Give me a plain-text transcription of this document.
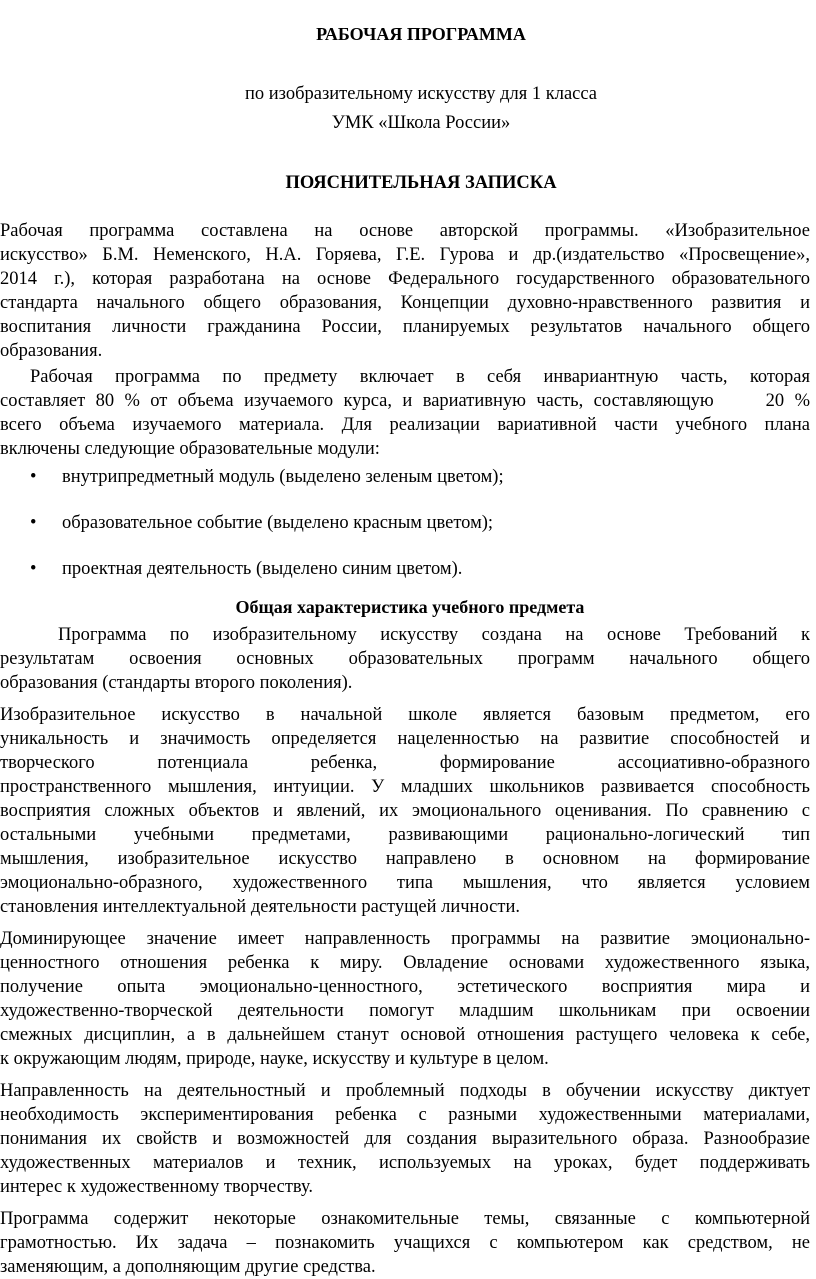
РАБОЧАЯ ПРОГРАММА

по изобразительному искусству для 1 класса

УМК «Школа России»

ПОЯСНИТЕЛЬНАЯ ЗАПИСКА

Рабочая программа составлена на основе авторской программы. «Изобразительное
искусство» Б.М. Неменского, Н.А. Горяева, Г.Е. Гурова и др.(издательство «Просвещение»,
2014 г.), которая разработана на основе Федерального государственного образовательного
стандарта начального общего образования, Концепции духовно-нравственного развития и
воспитания личности гражданина России, планируемых результатов начального общего
образования.
Рабочая программа по предмету включает в себя инвариантную часть, которая
составляет 80 % от объема изучаемого курса, и вариативную часть, составляющую     20 %
всего объема изучаемого материала. Для реализации вариативной части учебного плана
включены следующие образовательные модули:
• внутрипредметный модуль (выделено зеленым цветом);
• образовательное событие (выделено красным цветом);
• проектная деятельность (выделено синим цветом).

Общая характеристика учебного предмета

Программа по изобразительному искусству создана на основе Требований к
результатам освоения основных образовательных программ начального общего
образования (стандарты второго поколения).
Изобразительное искусство в начальной школе является базовым предметом, его
уникальность и значимость определяется нацеленностью на развитие способностей и
творческого потенциала ребенка, формирование ассоциативно-образного
пространственного мышления, интуиции. У младших школьников развивается способность
восприятия сложных объектов и явлений, их эмоционального оценивания. По сравнению с
остальными учебными предметами, развивающими рационально-логический тип
мышления, изобразительное искусство направлено в основном на формирование
эмоционально-образного, художественного типа мышления, что является условием
становления интеллектуальной деятельности растущей личности.
Доминирующее значение имеет направленность программы на развитие эмоционально-
ценностного отношения ребенка к миру. Овладение основами художественного языка,
получение опыта эмоционально-ценностного, эстетического восприятия мира и
художественно-творческой деятельности помогут младшим школьникам при освоении
смежных дисциплин, а в дальнейшем станут основой отношения растущего человека к себе,
к окружающим людям, природе, науке, искусству и культуре в целом.
Направленность на деятельностный и проблемный подходы в обучении искусству диктует
необходимость экспериментирования ребенка с разными художественными материалами,
понимания их свойств и возможностей для создания выразительного образа. Разнообразие
художественных материалов и техник, используемых на уроках, будет поддерживать
интерес к художественному творчеству.
Программа содержит некоторые ознакомительные темы, связанные с компьютерной
грамотностью. Их задача – познакомить учащихся с компьютером как средством, не
заменяющим, а дополняющим другие средства.
